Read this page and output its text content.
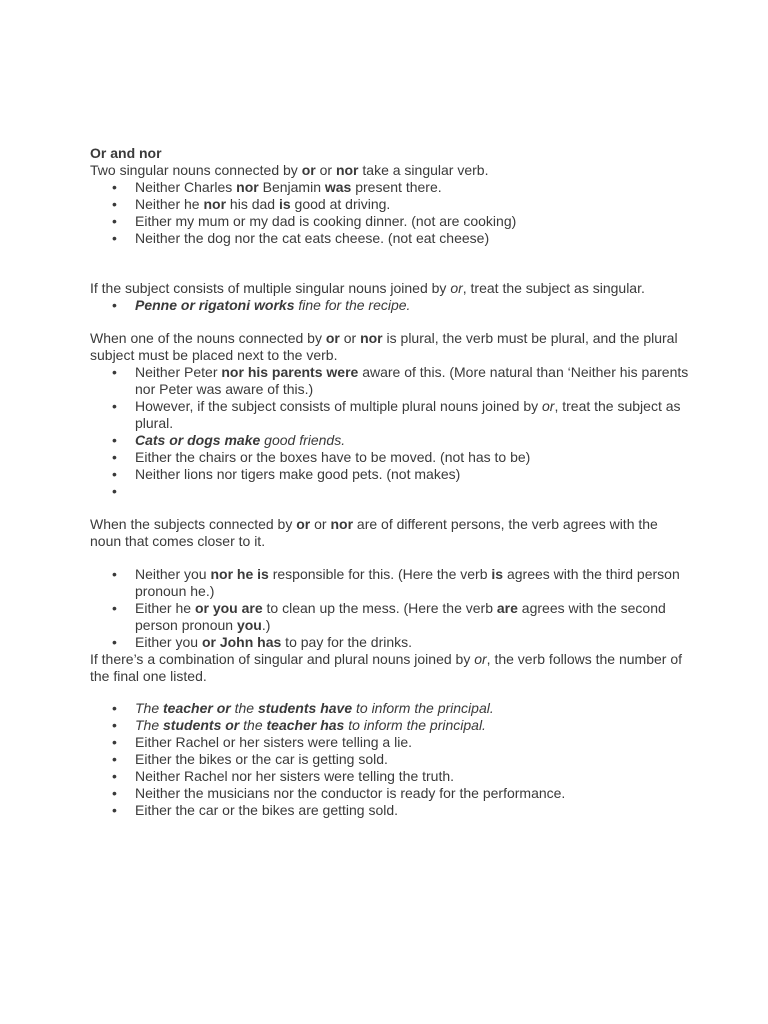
Or and nor

Two singular nouns connected by or or nor take a singular verb.

• Neither Charles nor Benjamin was present there.
• Neither he nor his dad is good at driving.
• Either my mum or my dad is cooking dinner. (not are cooking)
• Neither the dog nor the cat eats cheese. (not eat cheese)

If the subject consists of multiple singular nouns joined by or, treat the subject as singular.

• Penne or rigatoni works fine for the recipe.

When one of the nouns connected by or or nor is plural, the verb must be plural, and the plural subject must be placed next to the verb.

• Neither Peter nor his parents were aware of this. (More natural than ‘Neither his parents nor Peter was aware of this.)
• However, if the subject consists of multiple plural nouns joined by or, treat the subject as plural.
• Cats or dogs make good friends.
• Either the chairs or the boxes have to be moved. (not has to be)
• Neither lions nor tigers make good pets. (not makes)
•

When the subjects connected by or or nor are of different persons, the verb agrees with the noun that comes closer to it.

• Neither you nor he is responsible for this. (Here the verb is agrees with the third person pronoun he.)
• Either he or you are to clean up the mess. (Here the verb are agrees with the second person pronoun you.)
• Either you or John has to pay for the drinks.

If there’s a combination of singular and plural nouns joined by or, the verb follows the number of the final one listed.

• The teacher or the students have to inform the principal.
• The students or the teacher has to inform the principal.
• Either Rachel or her sisters were telling a lie.
• Either the bikes or the car is getting sold.
• Neither Rachel nor her sisters were telling the truth.
• Neither the musicians nor the conductor is ready for the performance.
• Either the car or the bikes are getting sold.
